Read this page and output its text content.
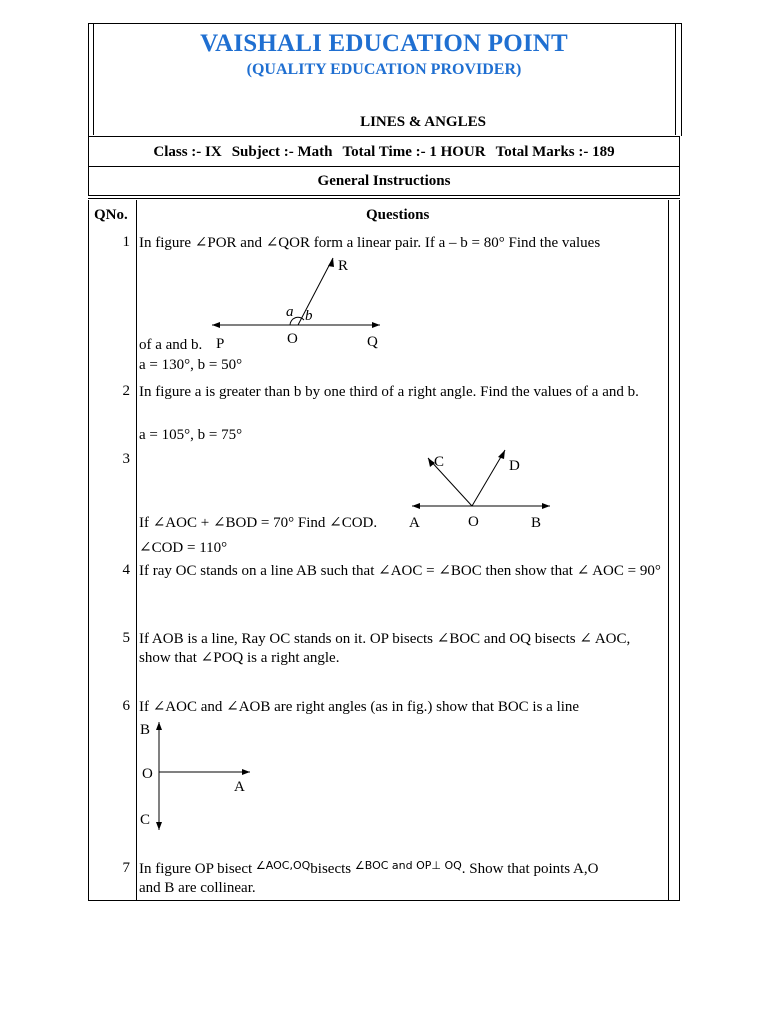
VAISHALI EDUCATION POINT
(QUALITY EDUCATION PROVIDER)
LINES & ANGLES
Class :- IX Subject :- Math Total Time :- 1 HOUR Total Marks :- 189
General Instructions
QNo.	Questions
1 In figure ∠POR and ∠QOR form a linear pair. If a – b = 80° Find the values
a b
O
R
P	Q
of a and b.
a = 130°, b = 50°
2 In figure a is greater than b by one third of a right angle. Find the values of a and b.
a = 105°, b = 75°
3	C	D
O	B
A
If ∠AOC + ∠BOD = 70° Find ∠COD.
∠COD = 110°
4 If ray OC stands on a line AB such that ∠AOC = ∠BOC then show that ∠ AOC = 90°
5 If AOB is a line, Ray OC stands on it. OP bisects ∠BOC and OQ bisects ∠ AOC, show that ∠POQ is a right angle.
6 If ∠AOC and ∠AOB are right angles (as in fig.) show that BOC is a line
B
O
C
A
7 In figure OP bisect $^{\angle AOC,OQ}$bisects $^{\angle BOC and OP\perp OQ}$. Show that points A,O
and B are collinear.
